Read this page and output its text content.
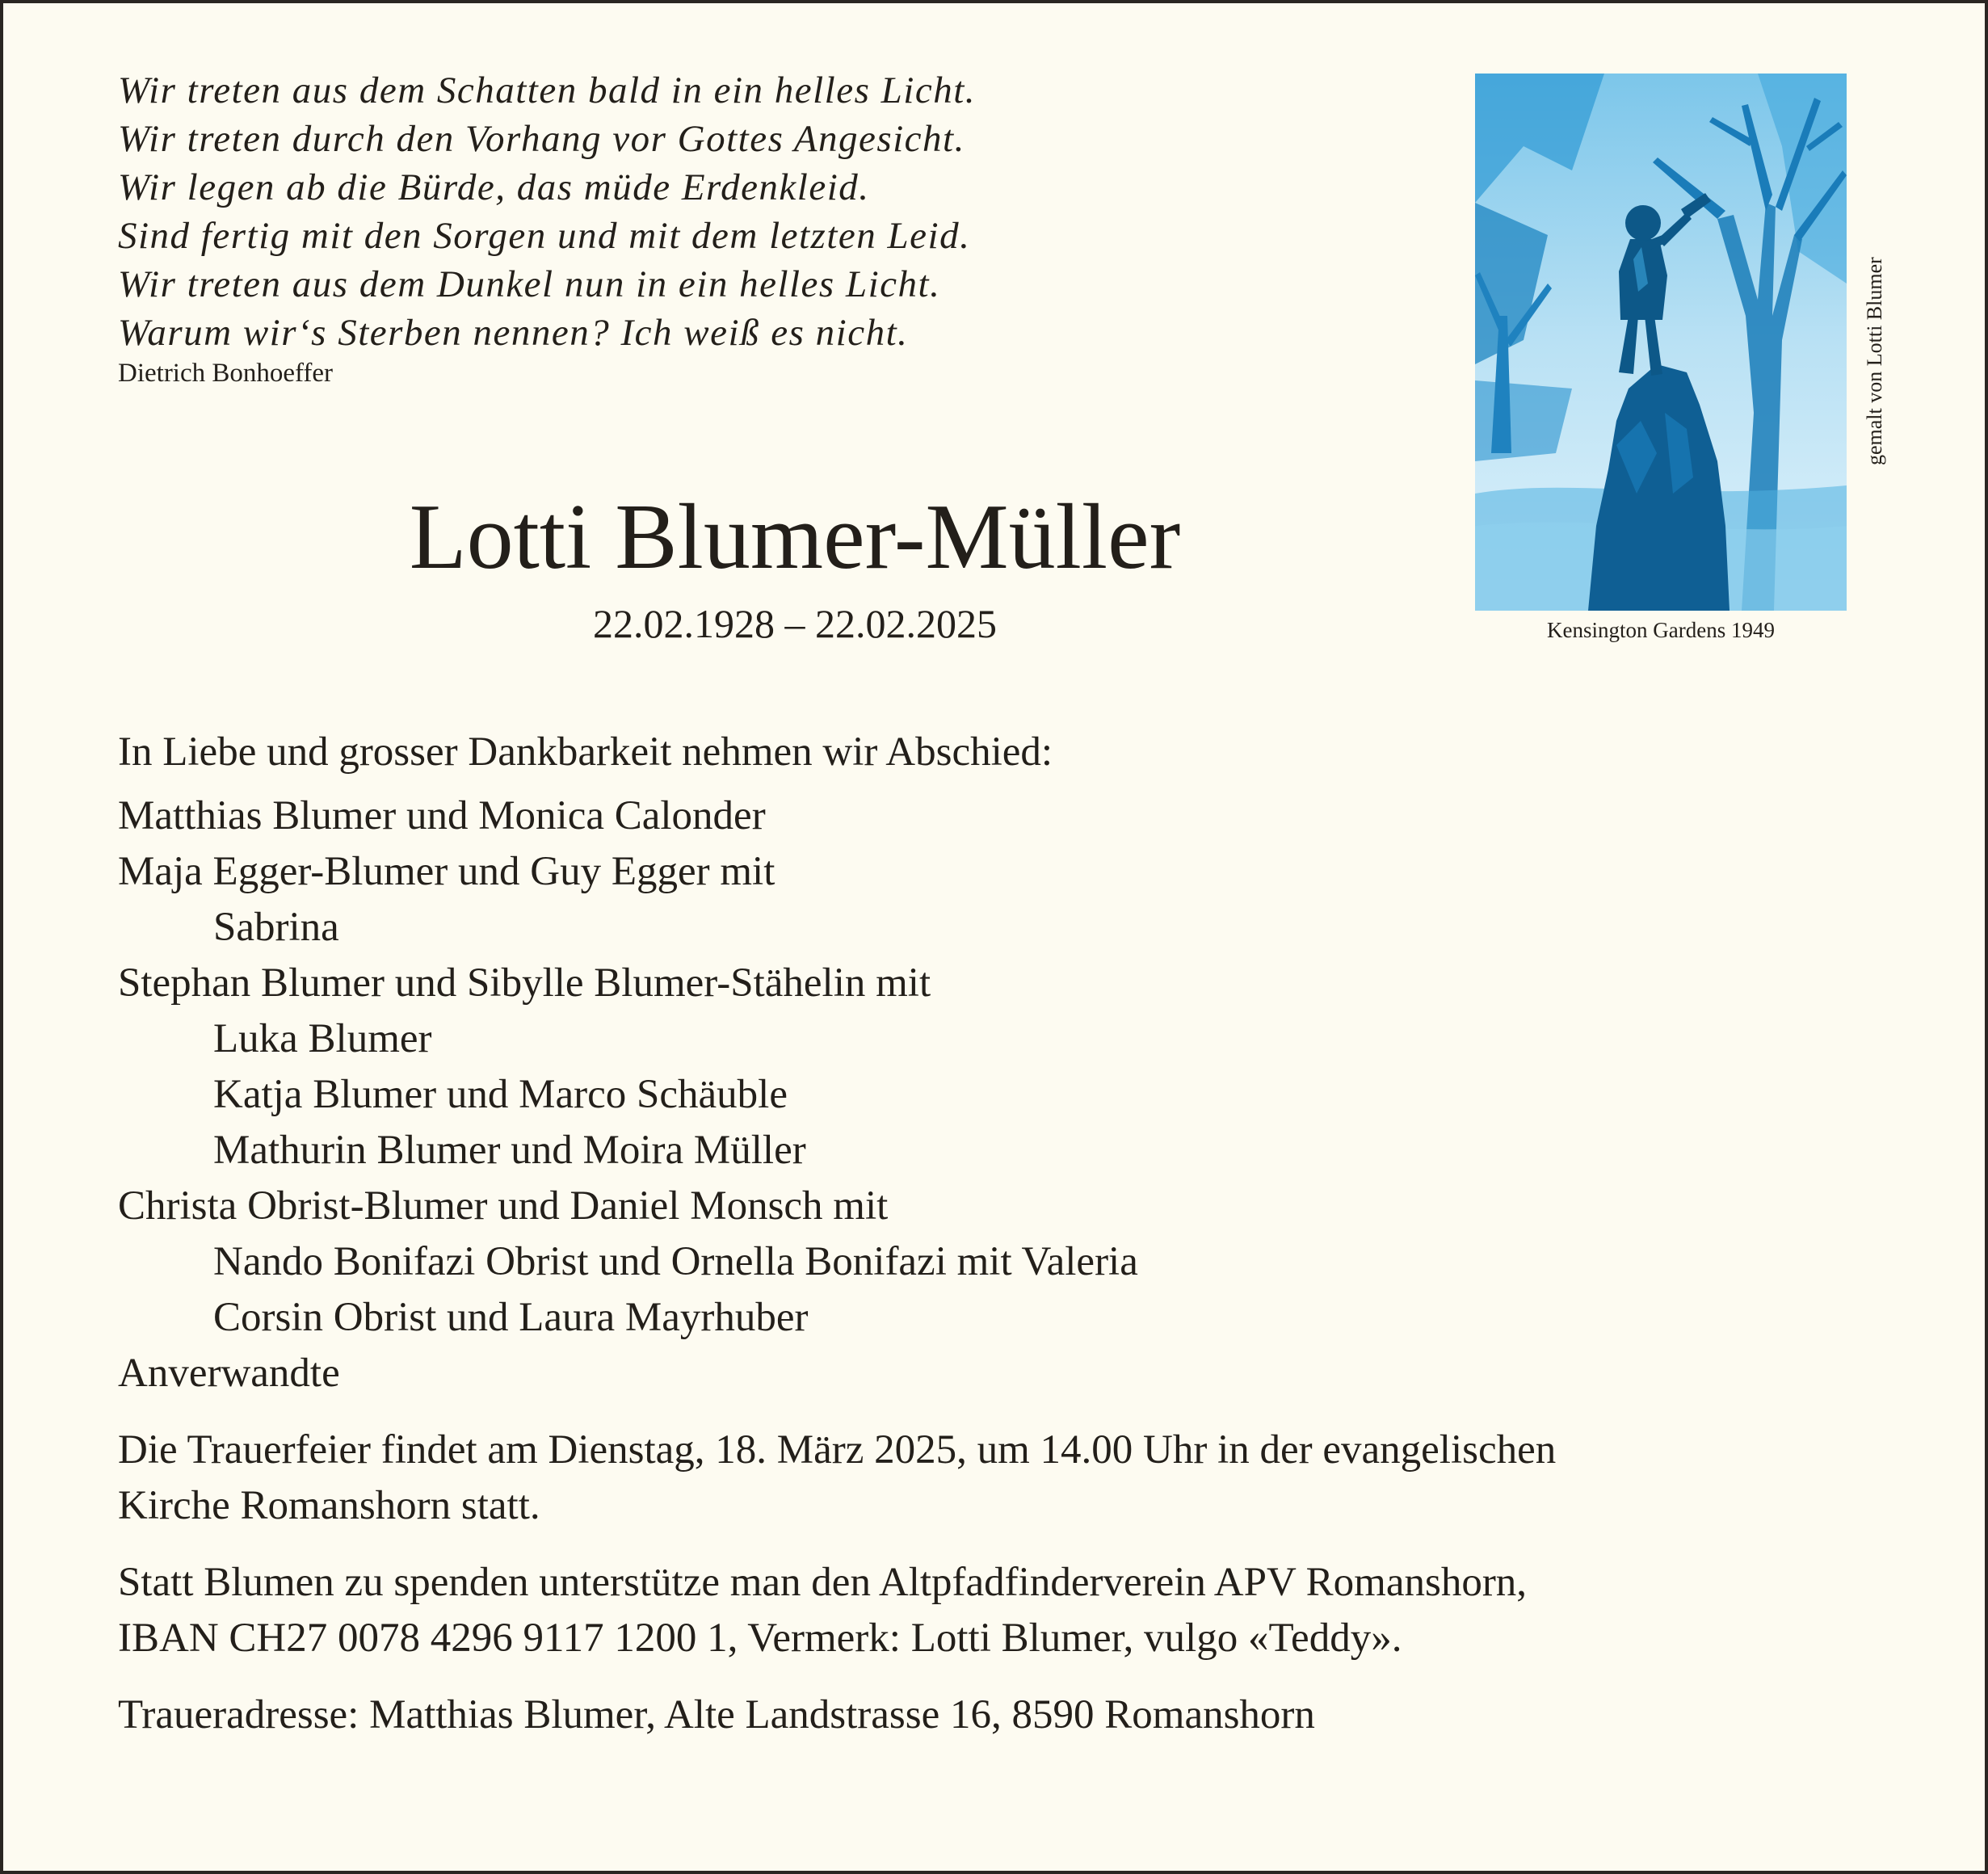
Wir treten aus dem Schatten bald in ein helles Licht.
Wir treten durch den Vorhang vor Gottes Angesicht.
Wir legen ab die Bürde, das müde Erdenkleid.
Sind fertig mit den Sorgen und mit dem letzten Leid.
Wir treten aus dem Dunkel nun in ein helles Licht.
Warum wir‘s Sterben nennen? Ich weiß es nicht.
Dietrich Bonhoeffer
Lotti Blumer-Müller
22.02.1928 – 22.02.2025
gemalt von Lotti Blumer
Kensington Gardens 1949
In Liebe und grosser Dankbarkeit nehmen wir Abschied:
Matthias Blumer und Monica Calonder
Maja Egger-Blumer und Guy Egger mit
Sabrina
Stephan Blumer und Sibylle Blumer-Stähelin mit
Luka Blumer
Katja Blumer und Marco Schäuble
Mathurin Blumer und Moira Müller
Christa Obrist-Blumer und Daniel Monsch mit
Nando Bonifazi Obrist und Ornella Bonifazi mit Valeria
Corsin Obrist und Laura Mayrhuber
Anverwandte

Die Trauerfeier findet am Dienstag, 18. März 2025, um 14.00 Uhr in der evangelischen

Kirche Romanshorn statt.

Statt Blumen zu spenden unterstütze man den Altpfadfinderverein APV Romanshorn,

IBAN CH27 0078 4296 9117 1200 1, Vermerk: Lotti Blumer, vulgo «Teddy».

Traueradresse: Matthias Blumer, Alte Landstrasse 16, 8590 Romanshorn
